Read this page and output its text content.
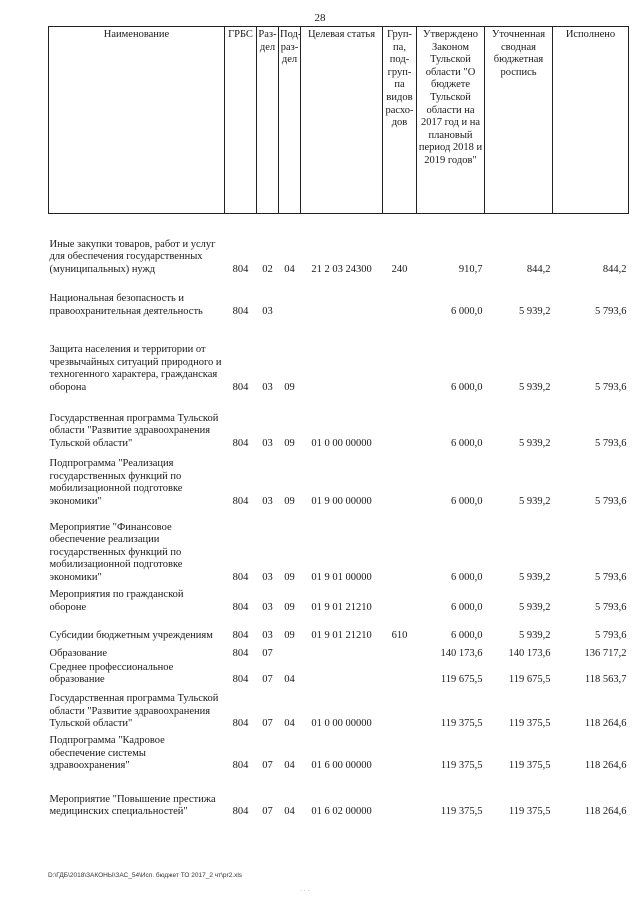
28
Наименование	ГРБС	Раз-дел	Под-раз-дел	Целевая статья	Груп-па, под-груп-па видов расхо-дов	Утверждено Законом Тульской области "О бюджете Тульской области на 2017 год и на плановый период 2018 и 2019 годов"	Уточненная сводная бюджетная роспись	Исполнено
Иные закупки товаров, работ и услуг для обеспечения государственных (муниципальных) нужд	804	02	04	21 2 03 24300	240	910,7	844,2	844,2
Национальная безопасность и правоохранительная деятельность	804	03				6 000,0	5 939,2	5 793,6
Защита населения и территории от чрезвычайных ситуаций природного и техногенного характера, гражданская оборона	804	03	09			6 000,0	5 939,2	5 793,6
Государственная программа Тульской области "Развитие здравоохранения Тульской области"	804	03	09	01 0 00 00000		6 000,0	5 939,2	5 793,6
Подпрограмма "Реализация государственных функций по мобилизационной подготовке экономики"	804	03	09	01 9 00 00000		6 000,0	5 939,2	5 793,6
Мероприятие "Финансовое обеспечение реализации государственных функций по мобилизационной подготовке экономики"	804	03	09	01 9 01 00000		6 000,0	5 939,2	5 793,6
Мероприятия по гражданской обороне	804	03	09	01 9 01 21210		6 000,0	5 939,2	5 793,6
Субсидии бюджетным учреждениям	804	03	09	01 9 01 21210	610	6 000,0	5 939,2	5 793,6
Образование	804	07				140 173,6	140 173,6	136 717,2
Среднее профессиональное образование	804	07	04			119 675,5	119 675,5	118 563,7
Государственная программа Тульской области "Развитие здравоохранения Тульской области"	804	07	04	01 0 00 00000		119 375,5	119 375,5	118 264,6
Подпрограмма "Кадровое обеспечение системы здравоохранения"	804	07	04	01 6 00 00000		119 375,5	119 375,5	118 264,6
Мероприятие "Повышение престижа медицинских специальностей"	804	07	04	01 6 02 00000		119 375,5	119 375,5	118 264,6
D:\ГДБ\2018\ЗАКОНЫ\ЗАС_54\Исп. бюджет ТО 2017_2 чт\pr2.xls
· · ·
